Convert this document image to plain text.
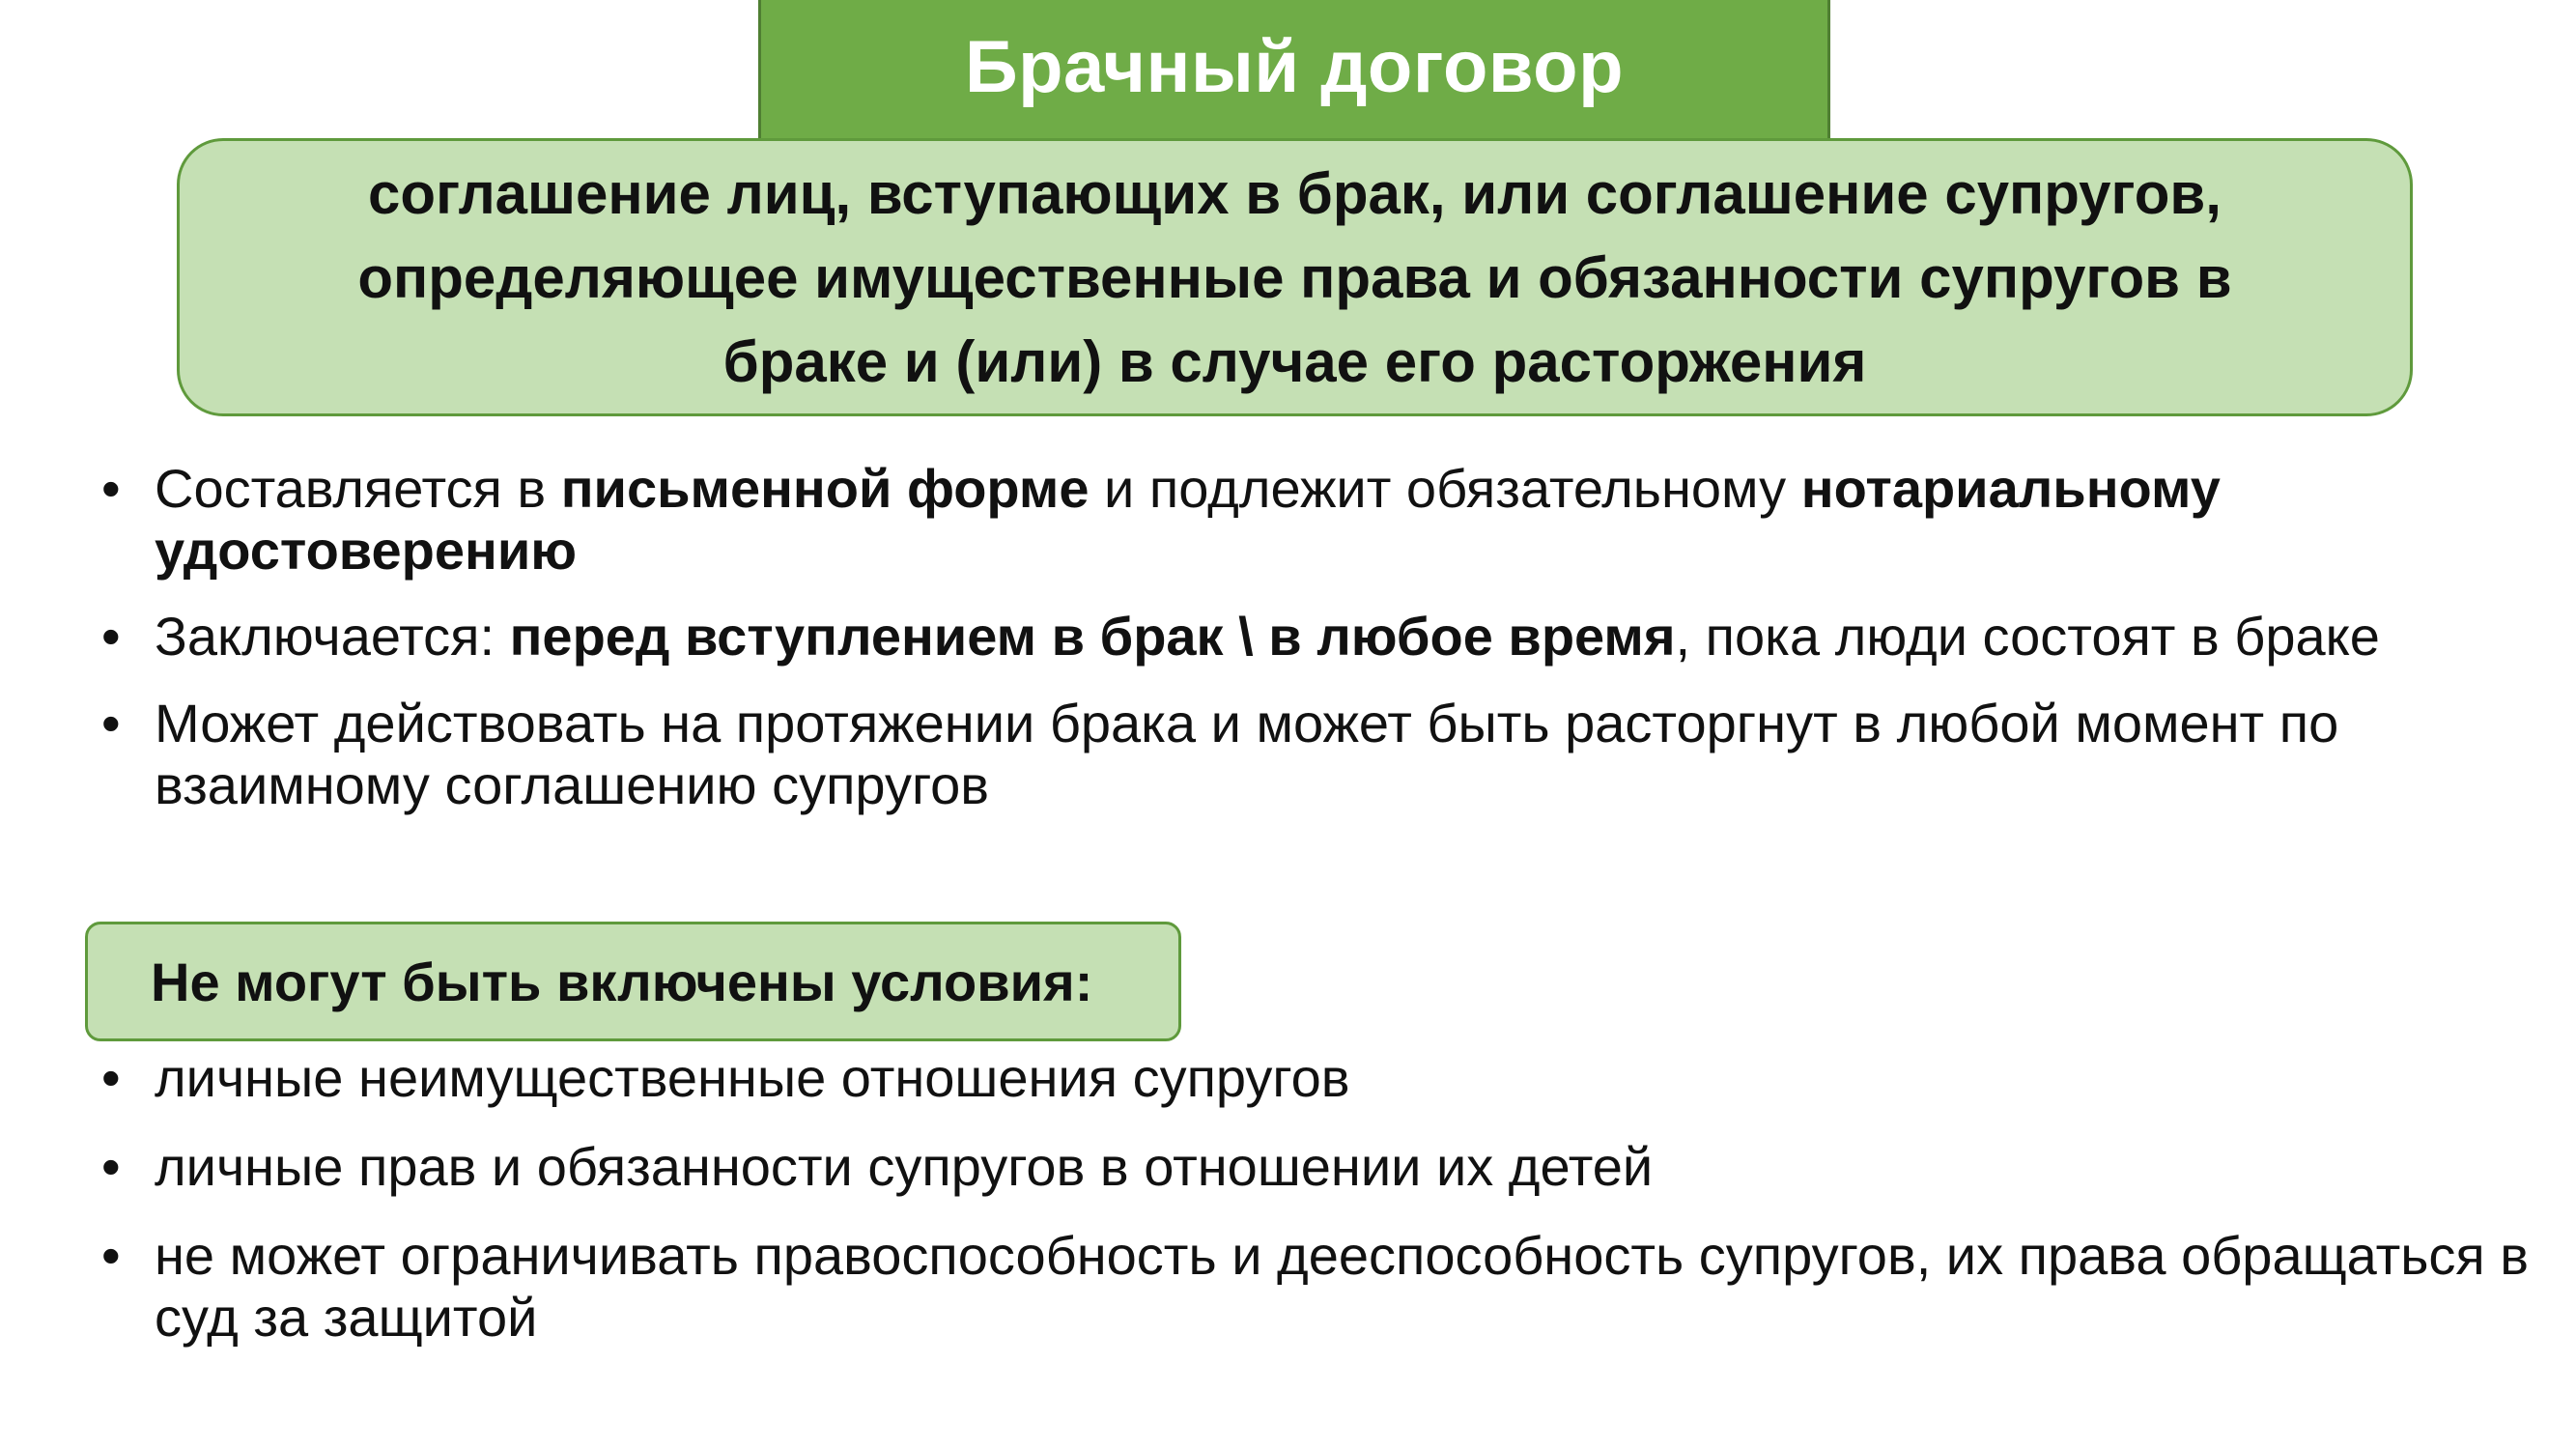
Брачный договор
соглашение лиц, вступающих в брак, или соглашение супругов, определяющее имущественные права и обязанности супругов в браке и (или) в случае его расторжения
• Составляется в письменной форме и подлежит обязательному нотариальному удостоверению
• Заключается: перед вступлением в брак \ в любое время, пока люди состоят в браке
• Может действовать на протяжении брака и может быть расторгнут в любой момент по взаимному соглашению супругов
Не могут быть включены условия:
• личные неимущественные отношения супругов
• личные прав и обязанности супругов в отношении их детей
• не может ограничивать правоспособность и дееспособность супругов, их права обращаться в суд за защитой
